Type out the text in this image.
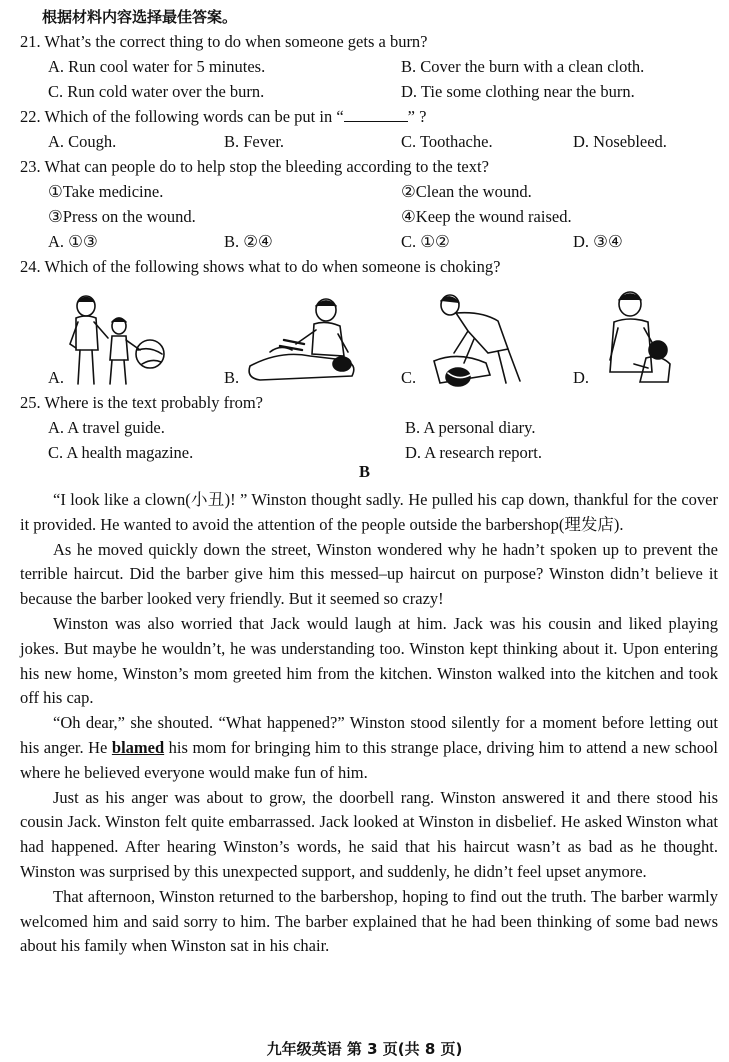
根据材料内容选择最佳答案。
21. What’s the correct thing to do when someone gets a burn?
A. Run cool water for 5 minutes.	B. Cover the burn with a clean cloth.
C. Run cold water over the burn.	D. Tie some clothing near the burn.
22. Which of the following words can be put in “	” ?
A. Cough.	B. Fever.	C. Toothache.	D. Nosebleed.
23. What can people do to help stop the bleeding according to the text?
①Take medicine.	②Clean the wound.
③Press on the wound.	④Keep the wound raised.
A. ①③	B. ②④	C. ①②	D. ③④
24. Which of the following shows what to do when someone is choking?
A.	B.	C.	D.
25. Where is the text probably from?
A. A travel guide.	B. A personal diary.
C. A health magazine.	D. A research report.
B

“I look like a clown(小丑)! ” Winston thought sadly. He pulled his cap down, thankful for the cover it provided. He wanted to avoid the attention of the people outside the barbershop(理发店).

As he moved quickly down the street, Winston wondered why he hadn’t spoken up to prevent the terrible haircut. Did the barber give him this messed–up haircut on purpose? Winston didn’t believe it because the barber looked very friendly. But it seemed so crazy!

Winston was also worried that Jack would laugh at him. Jack was his cousin and liked playing jokes. But maybe he wouldn’t, he was understanding too. Winston kept thinking about it. Upon entering his new home, Winston’s mom greeted him from the kitchen. Winston walked into the kitchen and took off his cap.

“Oh dear,” she shouted. “What happened?” Winston stood silently for a moment before letting out his anger. He blamed his mom for bringing him to this strange place, driving him to attend a new school where he believed everyone would make fun of him.

Just as his anger was about to grow, the doorbell rang. Winston answered it and there stood his cousin Jack. Winston felt quite embarrassed. Jack looked at Winston in disbelief. He asked Winston what had happened. After hearing Winston’s words, he said that his haircut wasn’t as bad as he thought. Winston was surprised by this unexpected support, and suddenly, he didn’t feel upset anymore.

That afternoon, Winston returned to the barbershop, hoping to find out the truth. The barber warmly welcomed him and said sorry to him. The barber explained that he had been thinking of some bad news about his family when Winston sat in his chair.

九年级英语 第 3 页(共 8 页)
